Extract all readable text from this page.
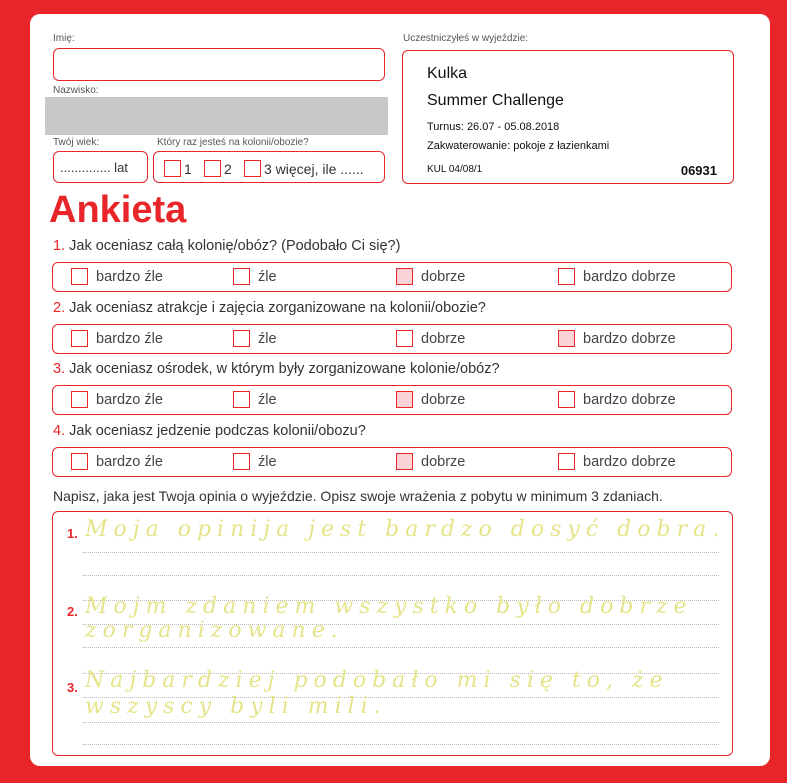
Imię:
Nazwisko:
Twój wiek:
.............. lat
Który raz jesteś na kolonii/obozie?
1 2 3 więcej, ile ......
Uczestniczyłeś w wyjeździe:
Kulka
Summer Challenge
Turnus: 26.07 - 05.08.2018
Zakwaterowanie: pokoje z łazienkami
KUL 04/08/1	06931
Ankieta
1. Jak oceniasz całą kolonię/obóz? (Podobało Ci się?)
bardzo źle	źle	dobrze	bardzo dobrze
2. Jak oceniasz atrakcje i zajęcia zorganizowane na kolonii/obozie?
bardzo źle	źle	dobrze	bardzo dobrze
3. Jak oceniasz ośrodek, w którym były zorganizowane kolonie/obóz?
bardzo źle	źle	dobrze	bardzo dobrze
4. Jak oceniasz jedzenie podczas kolonii/obozu?
bardzo źle	źle	dobrze	bardzo dobrze
Napisz, jaka jest Twoja opinia o wyjeździe. Opisz swoje wrażenia z pobytu w minimum 3 zdaniach.
1.
2.
3.
Moja opinija jest bardzo dosyć dobra.
Mojm zdaniem wszystko było dobrze
zorganizowane.
Najbardziej podobało mi się to, że
wszyscy byli mili.
